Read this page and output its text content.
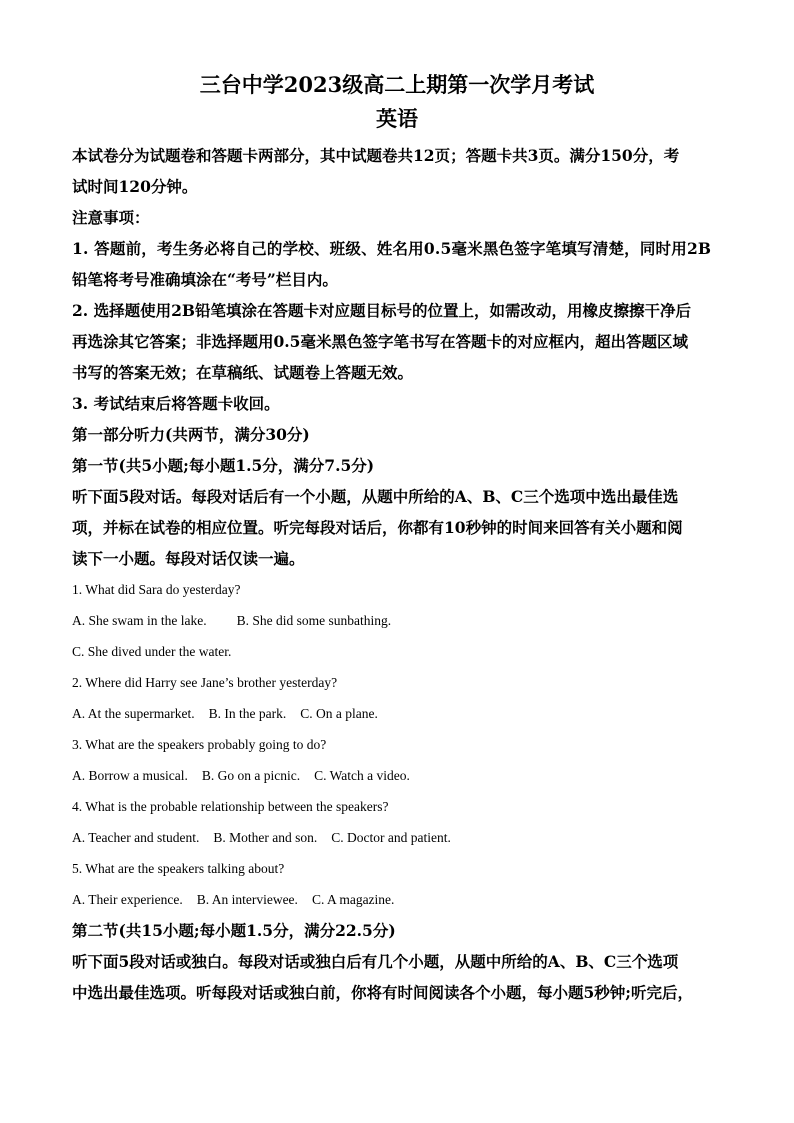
三台中学2023级高二上期第一次学月考试
英语

本试卷分为试题卷和答题卡两部分，其中试题卷共12页；答题卡共3页。满分150分，考

试时间120分钟。

注意事项：

1. 答题前，考生务必将自己的学校、班级、姓名用0.5毫米黑色签字笔填写清楚，同时用2B

铅笔将考号准确填涂在“考号”栏目内。

2. 选择题使用2B铅笔填涂在答题卡对应题目标号的位置上，如需改动，用橡皮擦擦干净后

再选涂其它答案；非选择题用0.5毫米黑色签字笔书写在答题卡的对应框内，超出答题区域

书写的答案无效；在草稿纸、试题卷上答题无效。

3. 考试结束后将答题卡收回。

第一部分听力(共两节，满分30分)

第一节(共5小题;每小题1.5分，满分7.5分)

听下面5段对话。每段对话后有一个小题，从题中所给的A、B、C三个选项中选出最佳选

项，并标在试卷的相应位置。听完每段对话后，你都有10秒钟的时间来回答有关小题和阅

读下一小题。每段对话仅读一遍。

1. What did Sara do yesterday?

A. She swam in the lake. B. She did some sunbathing.

C. She dived under the water.

2. Where did Harry see Jane’s brother yesterday?

A. At the supermarket. B. In the park. C. On a plane.

3. What are the speakers probably going to do?

A. Borrow a musical. B. Go on a picnic. C. Watch a video.

4. What is the probable relationship between the speakers?

A. Teacher and student. B. Mother and son. C. Doctor and patient.

5. What are the speakers talking about?

A. Their experience. B. An interviewee. C. A magazine.

第二节(共15小题;每小题1.5分，满分22.5分)

听下面5段对话或独白。每段对话或独白后有几个小题，从题中所给的A、B、C三个选项

中选出最佳选项。听每段对话或独白前，你将有时间阅读各个小题，每小题5秒钟;听完后，
